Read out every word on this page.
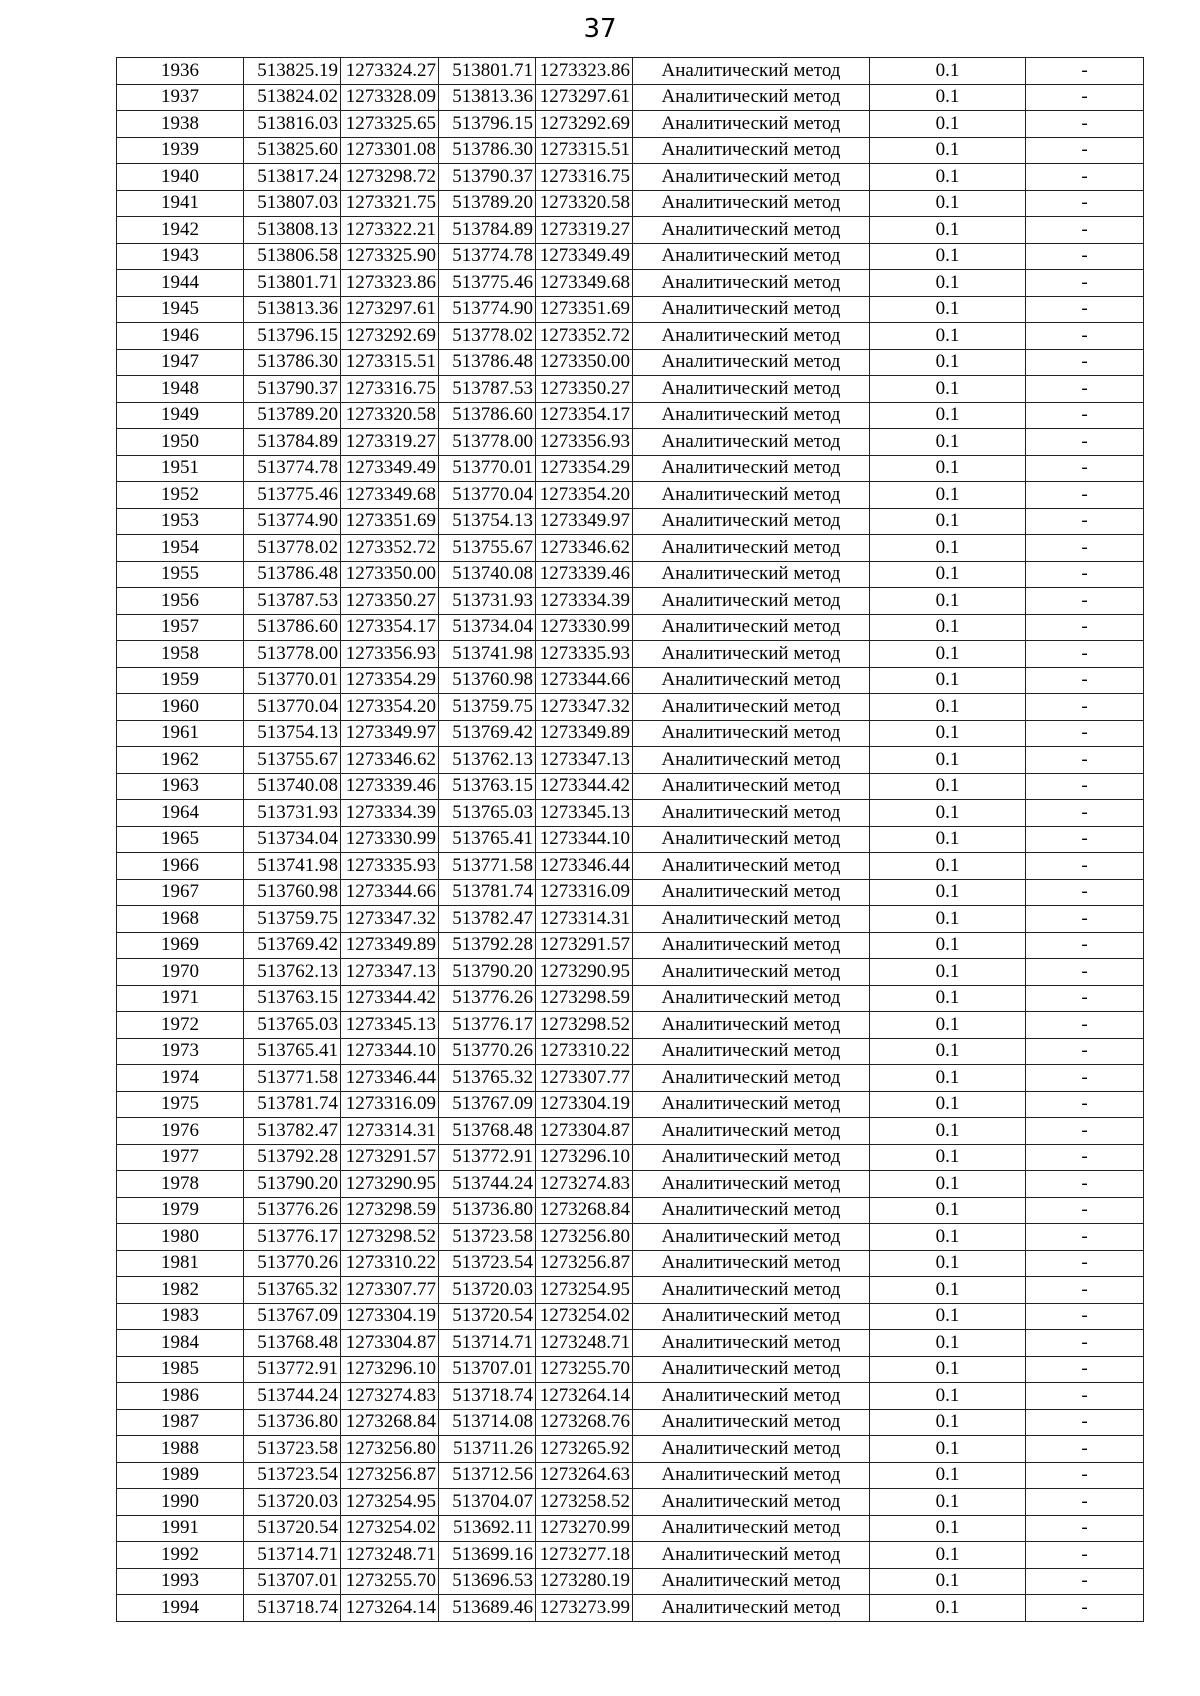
37
1936	513825.19	1273324.27	513801.71	1273323.86	Аналитический метод	0.1	-
1937	513824.02	1273328.09	513813.36	1273297.61	Аналитический метод	0.1	-
1938	513816.03	1273325.65	513796.15	1273292.69	Аналитический метод	0.1	-
1939	513825.60	1273301.08	513786.30	1273315.51	Аналитический метод	0.1	-
1940	513817.24	1273298.72	513790.37	1273316.75	Аналитический метод	0.1	-
1941	513807.03	1273321.75	513789.20	1273320.58	Аналитический метод	0.1	-
1942	513808.13	1273322.21	513784.89	1273319.27	Аналитический метод	0.1	-
1943	513806.58	1273325.90	513774.78	1273349.49	Аналитический метод	0.1	-
1944	513801.71	1273323.86	513775.46	1273349.68	Аналитический метод	0.1	-
1945	513813.36	1273297.61	513774.90	1273351.69	Аналитический метод	0.1	-
1946	513796.15	1273292.69	513778.02	1273352.72	Аналитический метод	0.1	-
1947	513786.30	1273315.51	513786.48	1273350.00	Аналитический метод	0.1	-
1948	513790.37	1273316.75	513787.53	1273350.27	Аналитический метод	0.1	-
1949	513789.20	1273320.58	513786.60	1273354.17	Аналитический метод	0.1	-
1950	513784.89	1273319.27	513778.00	1273356.93	Аналитический метод	0.1	-
1951	513774.78	1273349.49	513770.01	1273354.29	Аналитический метод	0.1	-
1952	513775.46	1273349.68	513770.04	1273354.20	Аналитический метод	0.1	-
1953	513774.90	1273351.69	513754.13	1273349.97	Аналитический метод	0.1	-
1954	513778.02	1273352.72	513755.67	1273346.62	Аналитический метод	0.1	-
1955	513786.48	1273350.00	513740.08	1273339.46	Аналитический метод	0.1	-
1956	513787.53	1273350.27	513731.93	1273334.39	Аналитический метод	0.1	-
1957	513786.60	1273354.17	513734.04	1273330.99	Аналитический метод	0.1	-
1958	513778.00	1273356.93	513741.98	1273335.93	Аналитический метод	0.1	-
1959	513770.01	1273354.29	513760.98	1273344.66	Аналитический метод	0.1	-
1960	513770.04	1273354.20	513759.75	1273347.32	Аналитический метод	0.1	-
1961	513754.13	1273349.97	513769.42	1273349.89	Аналитический метод	0.1	-
1962	513755.67	1273346.62	513762.13	1273347.13	Аналитический метод	0.1	-
1963	513740.08	1273339.46	513763.15	1273344.42	Аналитический метод	0.1	-
1964	513731.93	1273334.39	513765.03	1273345.13	Аналитический метод	0.1	-
1965	513734.04	1273330.99	513765.41	1273344.10	Аналитический метод	0.1	-
1966	513741.98	1273335.93	513771.58	1273346.44	Аналитический метод	0.1	-
1967	513760.98	1273344.66	513781.74	1273316.09	Аналитический метод	0.1	-
1968	513759.75	1273347.32	513782.47	1273314.31	Аналитический метод	0.1	-
1969	513769.42	1273349.89	513792.28	1273291.57	Аналитический метод	0.1	-
1970	513762.13	1273347.13	513790.20	1273290.95	Аналитический метод	0.1	-
1971	513763.15	1273344.42	513776.26	1273298.59	Аналитический метод	0.1	-
1972	513765.03	1273345.13	513776.17	1273298.52	Аналитический метод	0.1	-
1973	513765.41	1273344.10	513770.26	1273310.22	Аналитический метод	0.1	-
1974	513771.58	1273346.44	513765.32	1273307.77	Аналитический метод	0.1	-
1975	513781.74	1273316.09	513767.09	1273304.19	Аналитический метод	0.1	-
1976	513782.47	1273314.31	513768.48	1273304.87	Аналитический метод	0.1	-
1977	513792.28	1273291.57	513772.91	1273296.10	Аналитический метод	0.1	-
1978	513790.20	1273290.95	513744.24	1273274.83	Аналитический метод	0.1	-
1979	513776.26	1273298.59	513736.80	1273268.84	Аналитический метод	0.1	-
1980	513776.17	1273298.52	513723.58	1273256.80	Аналитический метод	0.1	-
1981	513770.26	1273310.22	513723.54	1273256.87	Аналитический метод	0.1	-
1982	513765.32	1273307.77	513720.03	1273254.95	Аналитический метод	0.1	-
1983	513767.09	1273304.19	513720.54	1273254.02	Аналитический метод	0.1	-
1984	513768.48	1273304.87	513714.71	1273248.71	Аналитический метод	0.1	-
1985	513772.91	1273296.10	513707.01	1273255.70	Аналитический метод	0.1	-
1986	513744.24	1273274.83	513718.74	1273264.14	Аналитический метод	0.1	-
1987	513736.80	1273268.84	513714.08	1273268.76	Аналитический метод	0.1	-
1988	513723.58	1273256.80	513711.26	1273265.92	Аналитический метод	0.1	-
1989	513723.54	1273256.87	513712.56	1273264.63	Аналитический метод	0.1	-
1990	513720.03	1273254.95	513704.07	1273258.52	Аналитический метод	0.1	-
1991	513720.54	1273254.02	513692.11	1273270.99	Аналитический метод	0.1	-
1992	513714.71	1273248.71	513699.16	1273277.18	Аналитический метод	0.1	-
1993	513707.01	1273255.70	513696.53	1273280.19	Аналитический метод	0.1	-
1994	513718.74	1273264.14	513689.46	1273273.99	Аналитический метод	0.1	-
